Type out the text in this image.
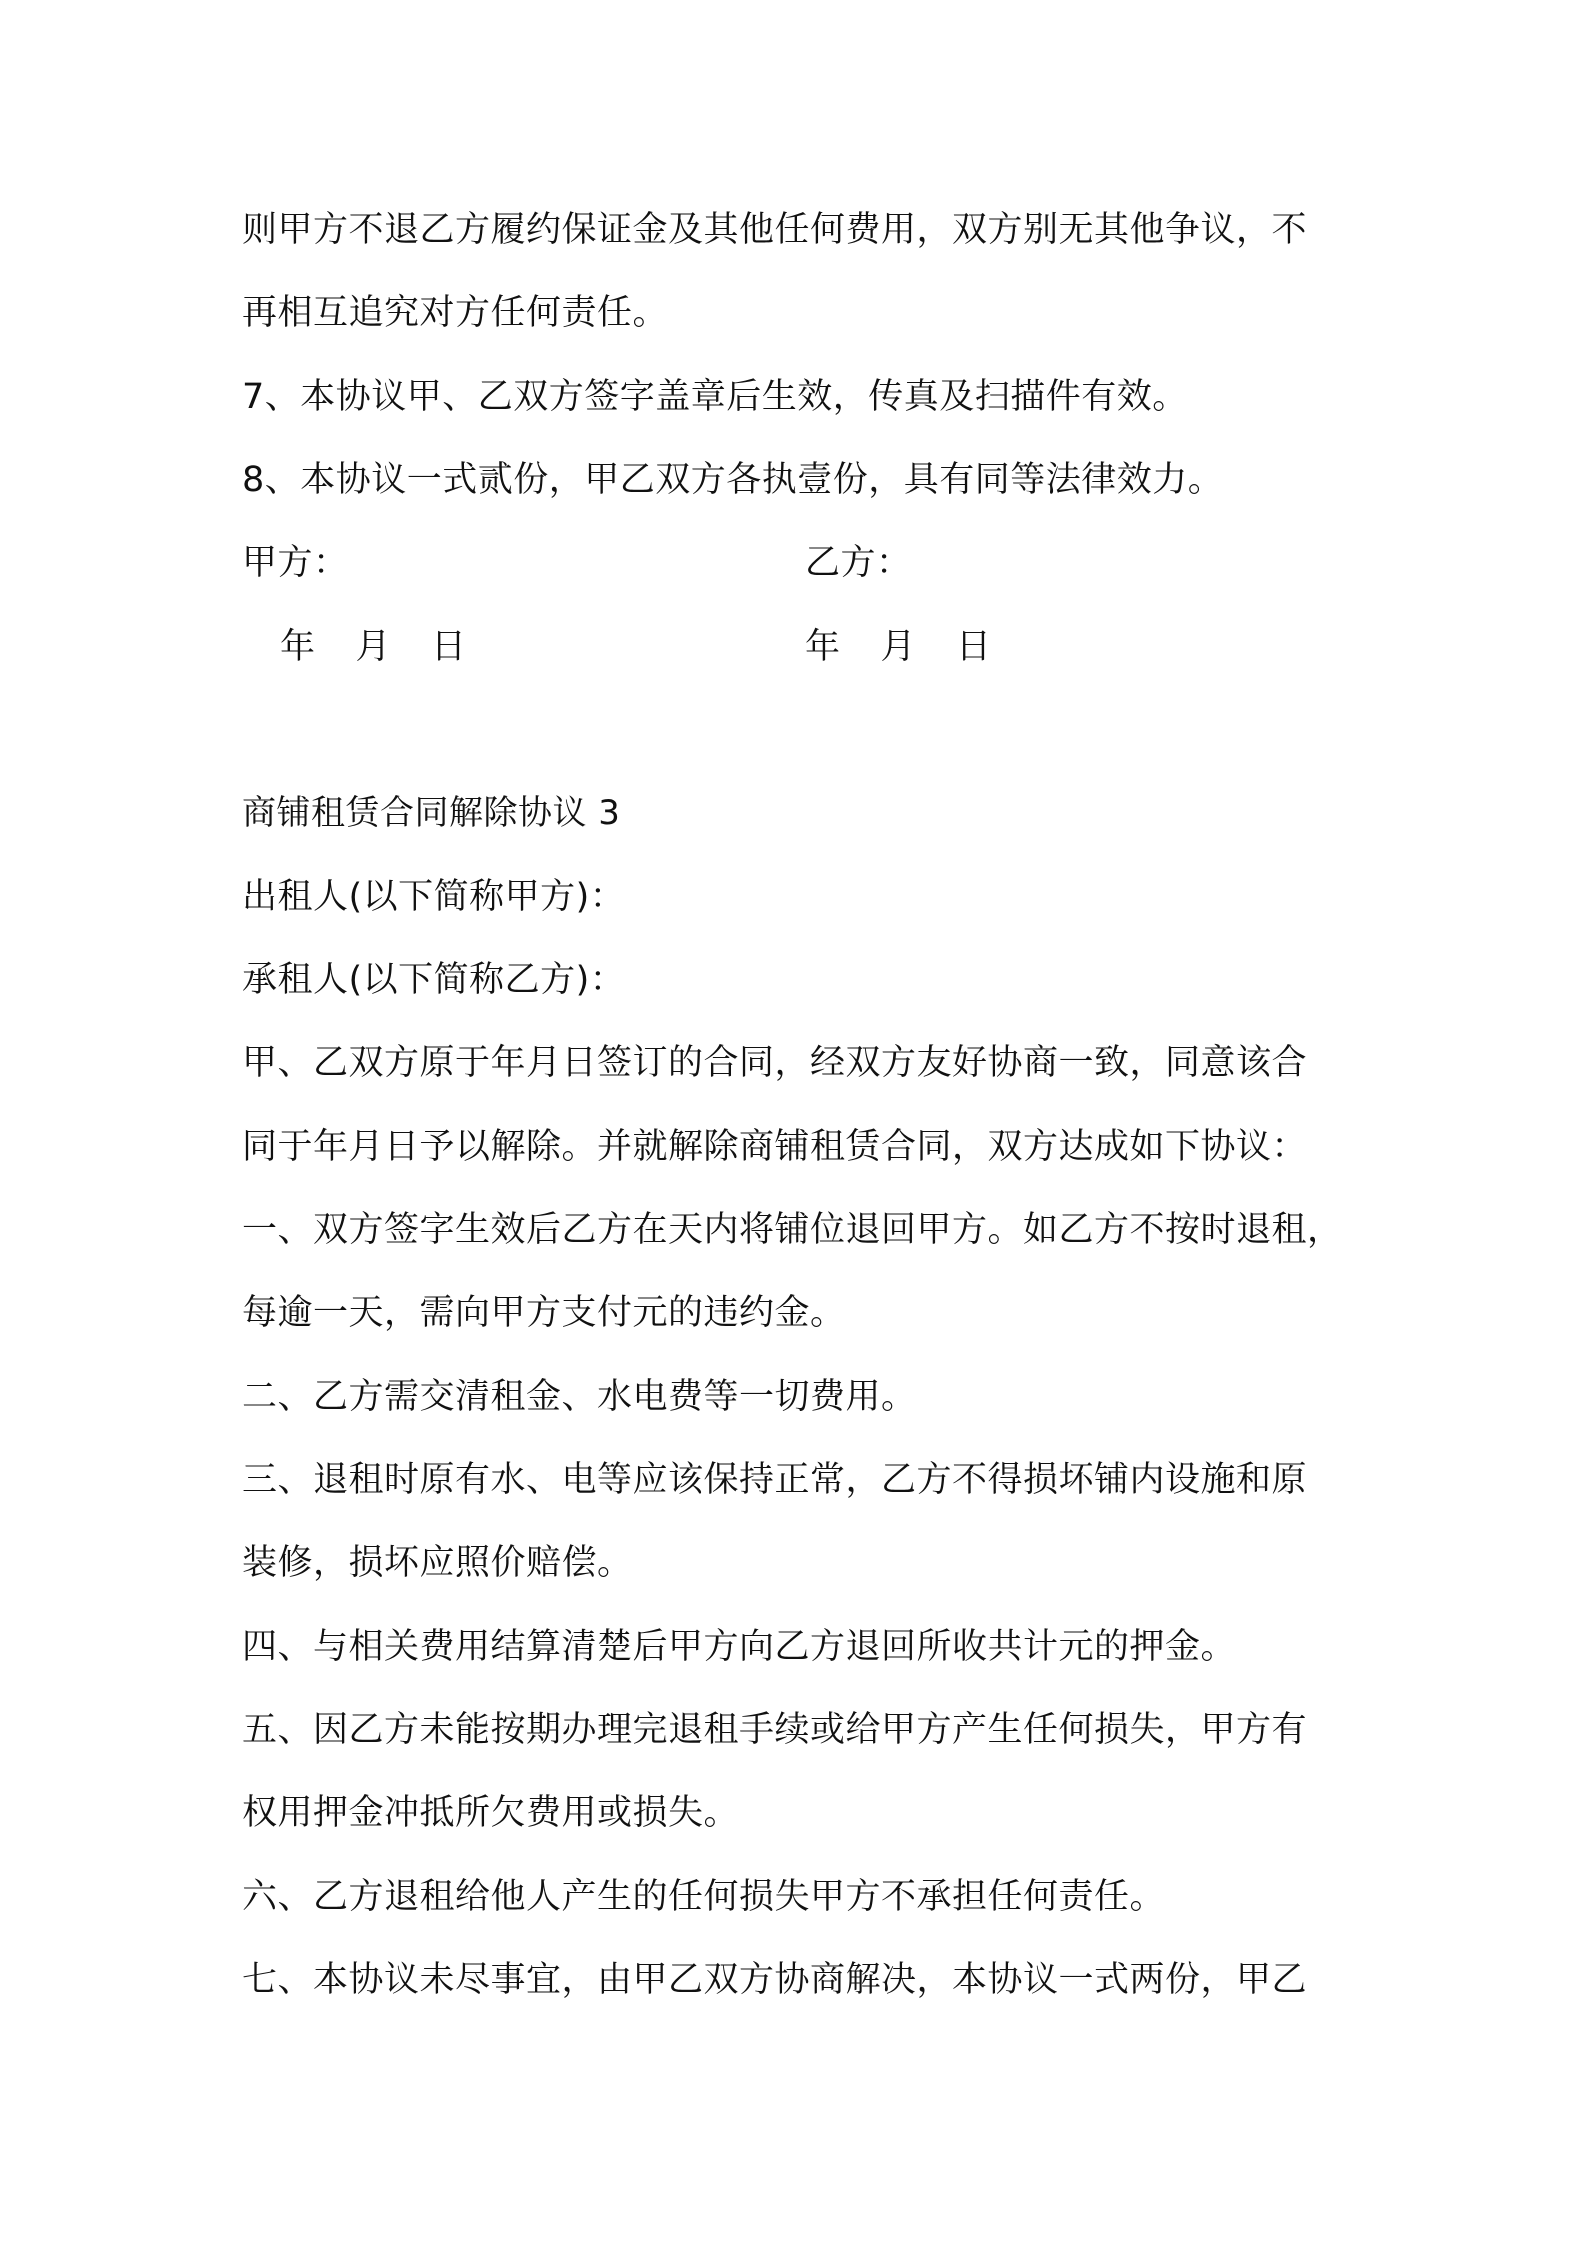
则甲方不退乙方履约保证金及其他任何费用，双方别无其他争议，不
再相互追究对方任何责任。
7、本协议甲、乙双方签字盖章后生效，传真及扫描件有效。
8、本协议一式贰份，甲乙双方各执壹份，具有同等法律效力。
甲方：	乙方：
年 月 日	年 月 日
商铺租赁合同解除协议 3
出租人(以下简称甲方)：
承租人(以下简称乙方)：
甲、乙双方原于年月日签订的合同，经双方友好协商一致，同意该合
同于年月日予以解除。并就解除商铺租赁合同，双方达成如下协议：
一、双方签字生效后乙方在天内将铺位退回甲方。如乙方不按时退租，
每逾一天，需向甲方支付元的违约金。
二、乙方需交清租金、水电费等一切费用。
三、退租时原有水、电等应该保持正常，乙方不得损坏铺内设施和原
装修，损坏应照价赔偿。
四、与相关费用结算清楚后甲方向乙方退回所收共计元的押金。
五、因乙方未能按期办理完退租手续或给甲方产生任何损失，甲方有
权用押金冲抵所欠费用或损失。
六、乙方退租给他人产生的任何损失甲方不承担任何责任。
七、本协议未尽事宜，由甲乙双方协商解决，本协议一式两份，甲乙
